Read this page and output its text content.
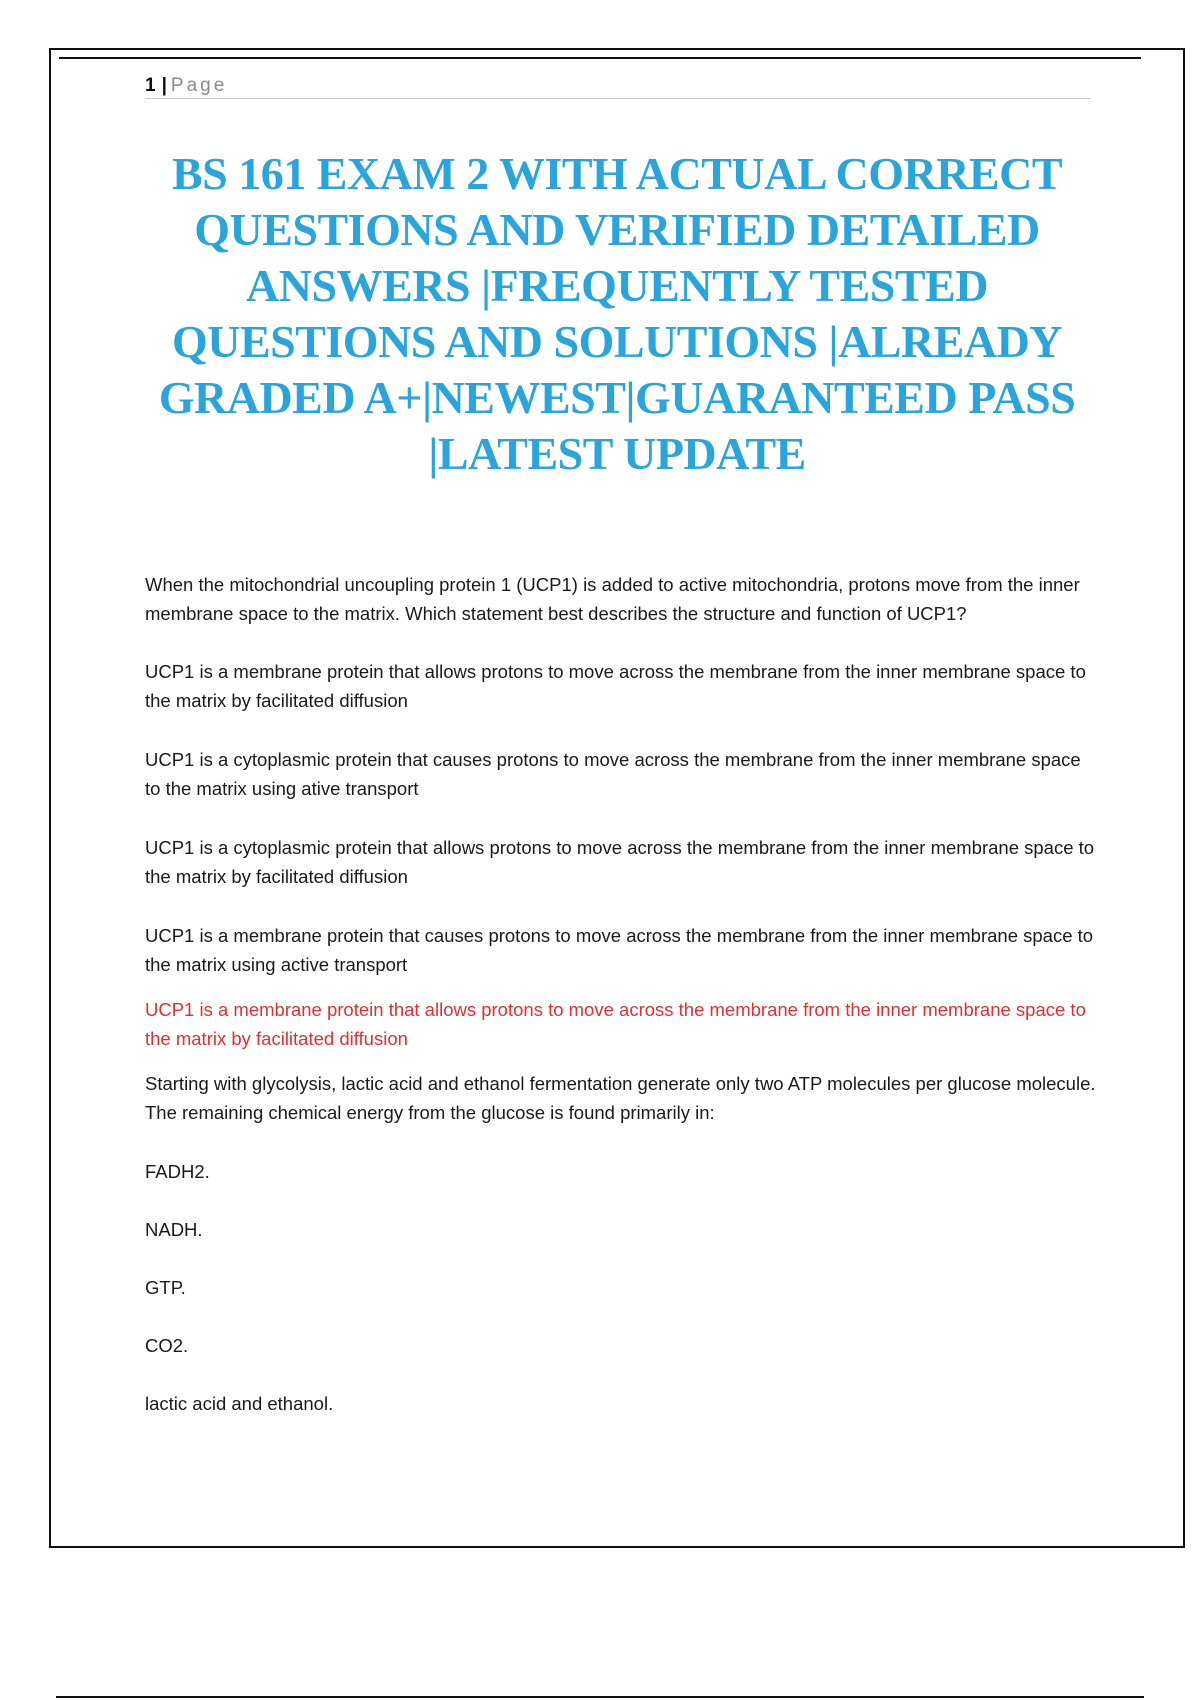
1 | Page
BS 161 EXAM 2 WITH ACTUAL CORRECT QUESTIONS AND VERIFIED DETAILED ANSWERS |FREQUENTLY TESTED QUESTIONS AND SOLUTIONS |ALREADY GRADED A+|NEWEST|GUARANTEED PASS |LATEST UPDATE

When the mitochondrial uncoupling protein 1 (UCP1) is added to active mitochondria, protons move from the inner membrane space to the matrix. Which statement best describes the structure and function of UCP1?

UCP1 is a membrane protein that allows protons to move across the membrane from the inner membrane space to the matrix by facilitated diffusion

UCP1 is a cytoplasmic protein that causes protons to move across the membrane from the inner membrane space to the matrix using ative transport

UCP1 is a cytoplasmic protein that allows protons to move across the membrane from the inner membrane space to the matrix by facilitated diffusion

UCP1 is a membrane protein that causes protons to move across the membrane from the inner membrane space to the matrix using active transport

UCP1 is a membrane protein that allows protons to move across the membrane from the inner membrane space to the matrix by facilitated diffusion

Starting with glycolysis, lactic acid and ethanol fermentation generate only two ATP molecules per glucose molecule. The remaining chemical energy from the glucose is found primarily in:

FADH2.

NADH.

GTP.

CO2.

lactic acid and ethanol.
